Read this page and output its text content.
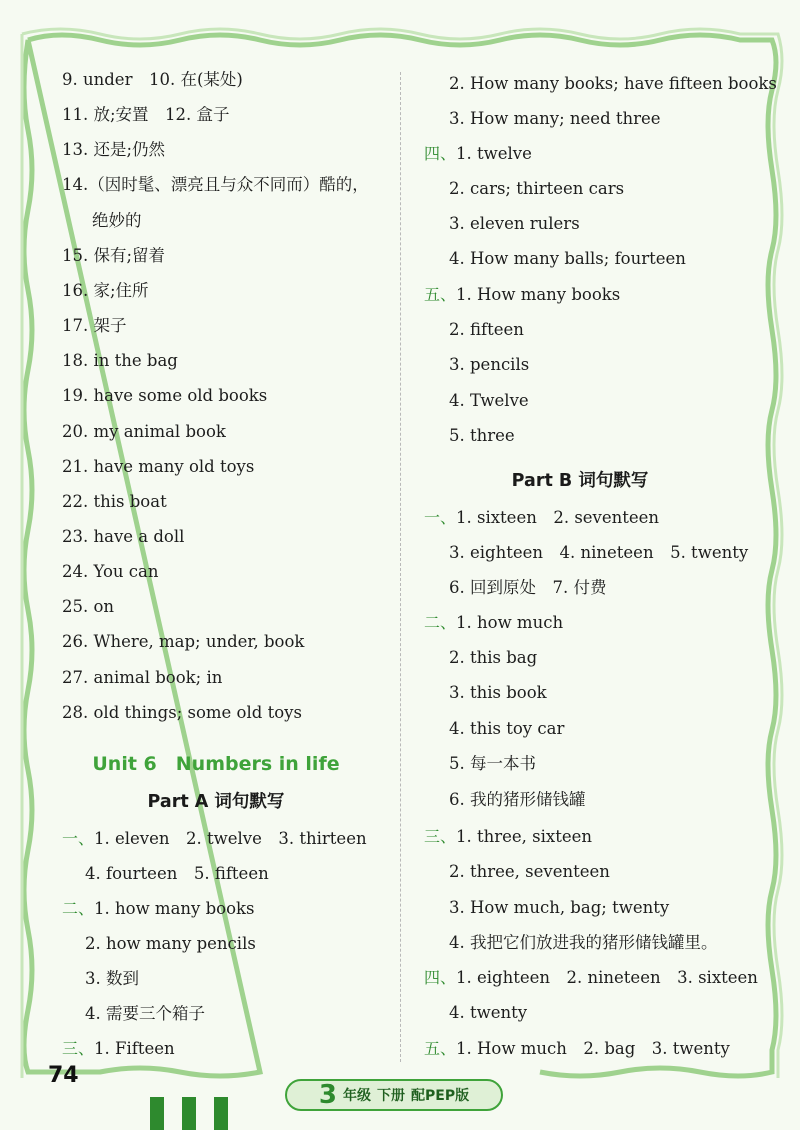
9. under　10. 在(某处)
11. 放;安置　12. 盒子
13. 还是;仍然
14.（因时髦、漂亮且与众不同而）酷的，
绝妙的
15. 保有;留着
16. 家;住所
17. 架子
18. in the bag
19. have some old books
20. my animal book
21. have many old toys
22. this boat
23. have a doll
24. You can
25. on
26. Where, map; under, book
27. animal book; in
28. old things; some old toys
Unit 6　Numbers in life
Part A 词句默写
一、1. eleven　2. twelve　3. thirteen
4. fourteen　5. fifteen
二、1. how many books
2. how many pencils
3. 数到
4. 需要三个箱子
三、1. Fifteen
2. How many books; have fifteen books
3. How many; need three
四、1. twelve
2. cars; thirteen cars
3. eleven rulers
4. How many balls; fourteen
五、1. How many books
2. fifteen
3. pencils
4. Twelve
5. three
Part B 词句默写
一、1. sixteen　2. seventeen
3. eighteen　4. nineteen　5. twenty
6. 回到原处　7. 付费
二、1. how much
2. this bag
3. this book
4. this toy car
5. 每一本书
6. 我的猪形储钱罐
三、1. three, sixteen
2. three, seventeen
3. How much, bag; twenty
4. 我把它们放进我的猪形储钱罐里。
四、1. eighteen　2. nineteen　3. sixteen
4. twenty
五、1. How much　2. bag　3. twenty
74
3 年级 下册 配PEP版
